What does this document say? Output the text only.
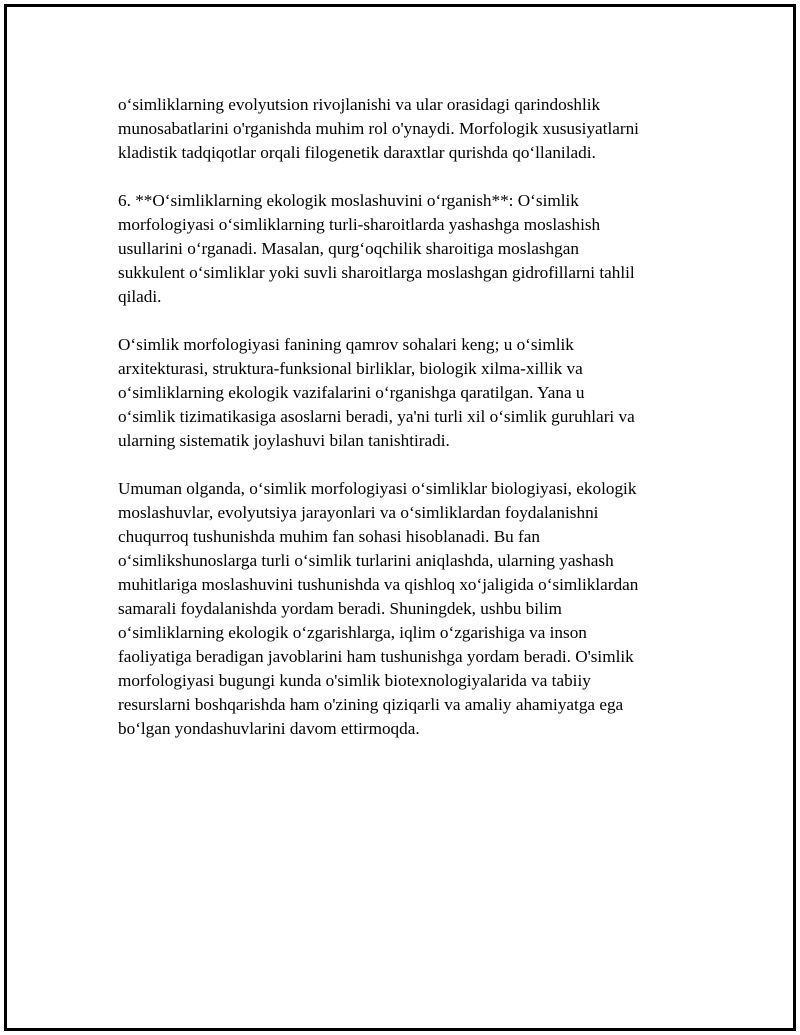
o‘simliklarning evolyutsion rivojlanishi va ular orasidagi qarindoshlik
munosabatlarini o'rganishda muhim rol o'ynaydi. Morfologik xususiyatlarni
kladistik tadqiqotlar orqali filogenetik daraxtlar qurishda qo‘llaniladi.

6. **O‘simliklarning ekologik moslashuvini o‘rganish**: O‘simlik
morfologiyasi o‘simliklarning turli-sharoitlarda yashashga moslashish
usullarini o‘rganadi. Masalan, qurg‘oqchilik sharoitiga moslashgan
sukkulent o‘simliklar yoki suvli sharoitlarga moslashgan gidrofillarni tahlil
qiladi.

O‘simlik morfologiyasi fanining qamrov sohalari keng; u o‘simlik
arxitekturasi, struktura-funksional birliklar, biologik xilma-xillik va
o‘simliklarning ekologik vazifalarini o‘rganishga qaratilgan. Yana u
o‘simlik tizimatikasiga asoslarni beradi, ya'ni turli xil o‘simlik guruhlari va
ularning sistematik joylashuvi bilan tanishtiradi.

Umuman olganda, o‘simlik morfologiyasi o‘simliklar biologiyasi, ekologik
moslashuvlar, evolyutsiya jarayonlari va o‘simliklardan foydalanishni
chuqurroq tushunishda muhim fan sohasi hisoblanadi. Bu fan
o‘simlikshunoslarga turli o‘simlik turlarini aniqlashda, ularning yashash
muhitlariga moslashuvini tushunishda va qishloq xo‘jaligida o‘simliklardan
samarali foydalanishda yordam beradi. Shuningdek, ushbu bilim
o‘simliklarning ekologik o‘zgarishlarga, iqlim o‘zgarishiga va inson
faoliyatiga beradigan javoblarini ham tushunishga yordam beradi. O'simlik
morfologiyasi bugungi kunda o'simlik biotexnologiyalarida va tabiiy
resurslarni boshqarishda ham o'zining qiziqarli va amaliy ahamiyatga ega
bo‘lgan yondashuvlarini davom ettirmoqda.
